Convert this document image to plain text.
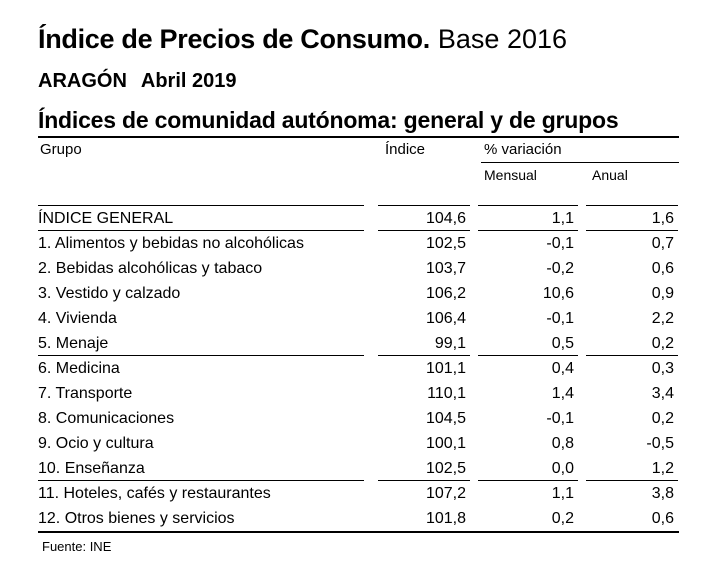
Índice de Precios de Consumo. Base 2016
ARAGÓN Abril 2019
Índices de comunidad autónoma: general y de grupos
Grupo	Índice	% variación
Mensual	Anual
ÍNDICE GENERAL	104,6	1,1	1,6
1. Alimentos y bebidas no alcohólicas	102,5	-0,1	0,7
2. Bebidas alcohólicas y tabaco	103,7	-0,2	0,6
3. Vestido y calzado	106,2	10,6	0,9
4. Vivienda	106,4	-0,1	2,2
5. Menaje	99,1	0,5	0,2
6. Medicina	101,1	0,4	0,3
7. Transporte	110,1	1,4	3,4
8. Comunicaciones	104,5	-0,1	0,2
9. Ocio y cultura	100,1	0,8	-0,5
10. Enseñanza	102,5	0,0	1,2
11. Hoteles, cafés y restaurantes	107,2	1,1	3,8
12. Otros bienes y servicios	101,8	0,2	0,6
Fuente: INE
